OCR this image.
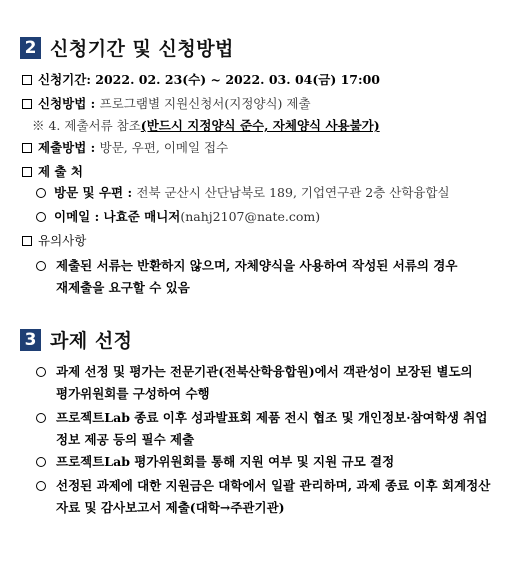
2 신청기간 및 신청방법
신청기간: 2022. 02. 23(수) ~ 2022. 03. 04(금) 17:00
신청방법 : 프로그램별 지원신청서(지정양식) 제출
※ 4. 제출서류 참조(반드시 지정양식 준수, 자체양식 사용불가)
제출방법 : 방문, 우편, 이메일 접수
제 출 처
방문 및 우편 : 전북 군산시 산단남북로 189, 기업연구관 2층 산학융합실
이메일 : 나효준 매니저(nahj2107@nate.com)
유의사항
제출된 서류는 반환하지 않으며, 자체양식을 사용하여 작성된 서류의 경우
재제출을 요구할 수 있음
3 과제 선정
과제 선정 및 평가는 전문기관(전북산학융합원)에서 객관성이 보장된 별도의
평가위원회를 구성하여 수행
프로젝트Lab 종료 이후 성과발표회 제품 전시 협조 및 개인정보·참여학생 취업
정보 제공 등의 필수 제출
프로젝트Lab 평가위원회를 통해 지원 여부 및 지원 규모 결정
선정된 과제에 대한 지원금은 대학에서 일괄 관리하며, 과제 종료 이후 회계정산
자료 및 감사보고서 제출(대학→주관기관)
